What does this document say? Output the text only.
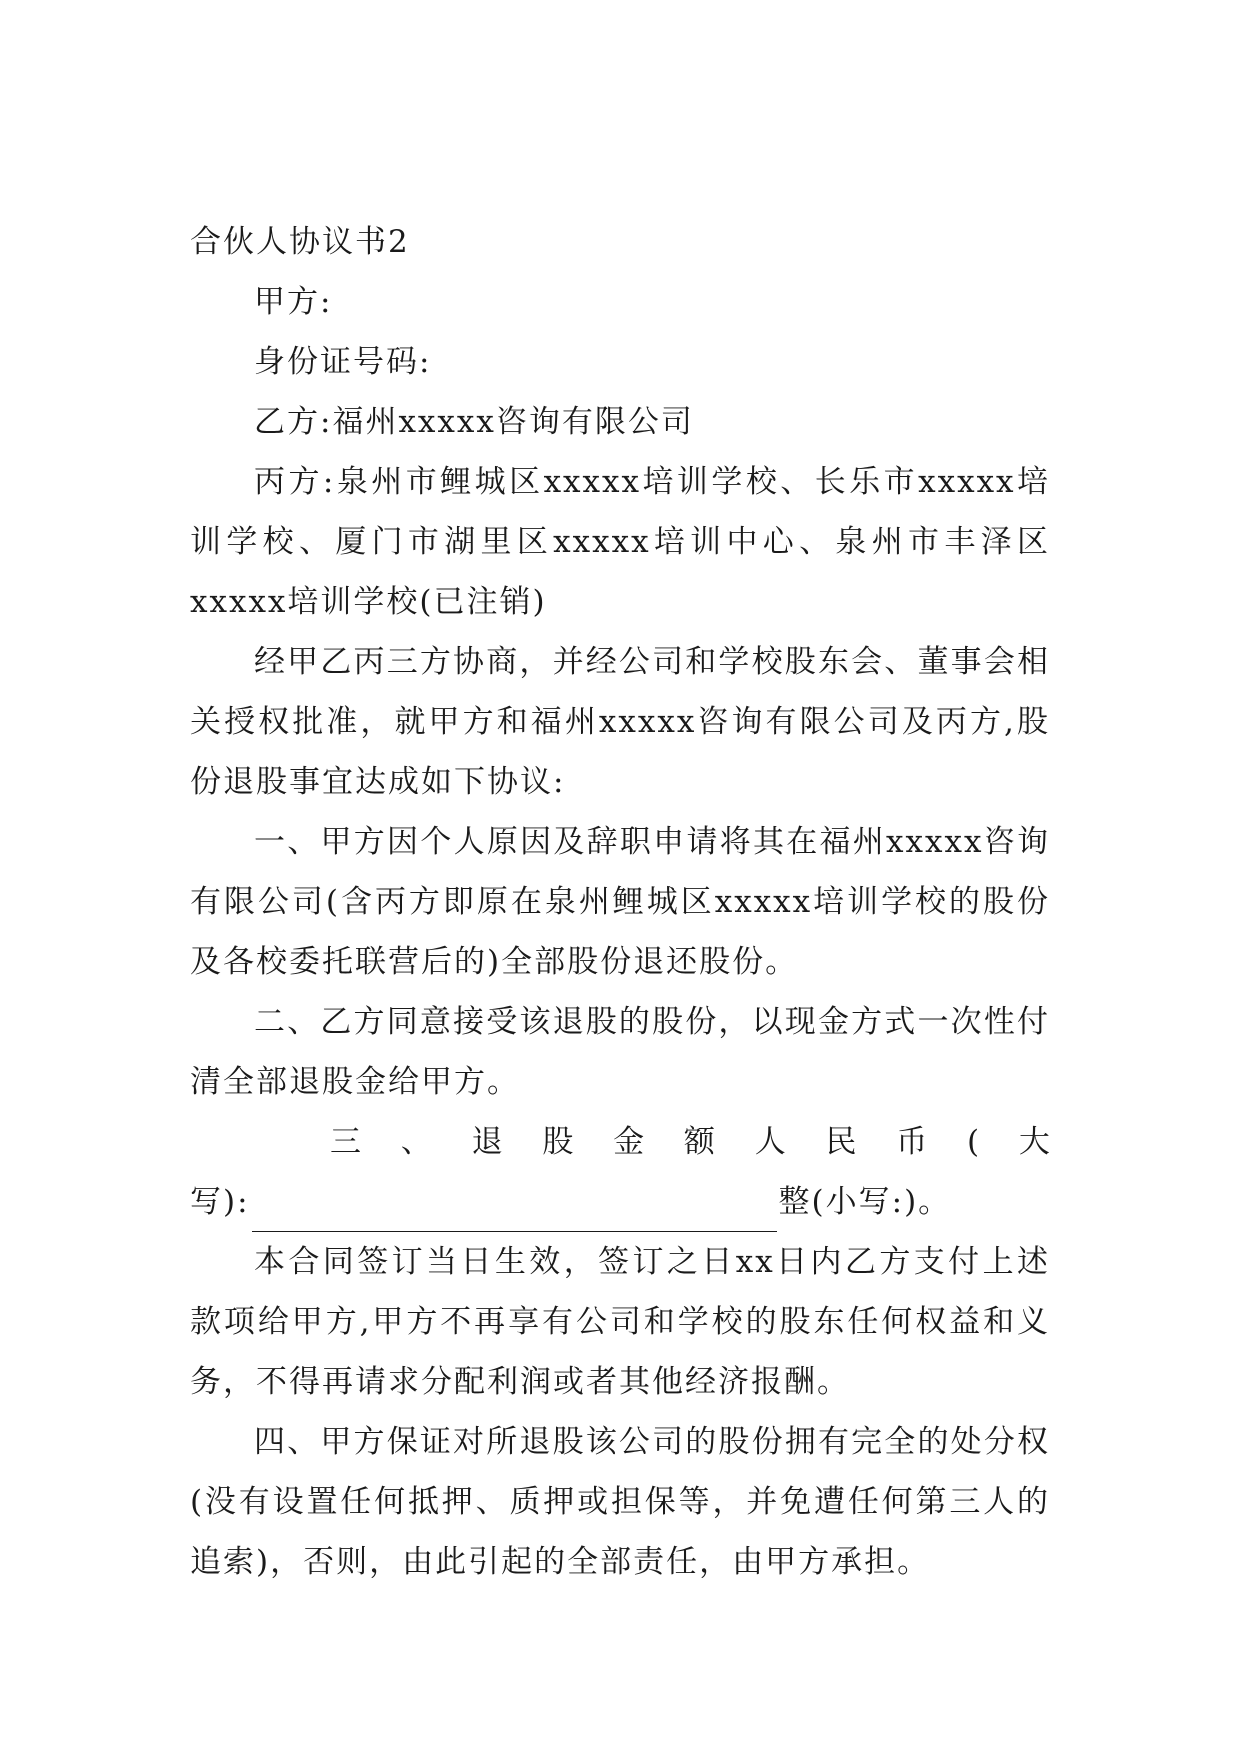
合伙人协议书2

甲方:

身份证号码:

乙方:福州xxxxx咨询有限公司

丙方:泉州市鲤城区xxxxx培训学校、长乐市xxxxx培训学校、厦门市湖里区xxxxx培训中心、泉州市丰泽区xxxxx培训学校(已注销)

经甲乙丙三方协商，并经公司和学校股东会、董事会相关授权批准，就甲方和福州xxxxx咨询有限公司及丙方,股份退股事宜达成如下协议:

一、甲方因个人原因及辞职申请将其在福州xxxxx咨询有限公司(含丙方即原在泉州鲤城区xxxxx培训学校的股份及各校委托联营后的)全部股份退还股份。

二、乙方同意接受该退股的股份，以现金方式一次性付清全部退股金给甲方。

三 、 退 股 金 额 人 民 币 ( 大

写):	整(小写:)。

本合同签订当日生效，签订之日xx日内乙方支付上述款项给甲方,甲方不再享有公司和学校的股东任何权益和义务，不得再请求分配利润或者其他经济报酬。

四、甲方保证对所退股该公司的股份拥有完全的处分权(没有设置任何抵押、质押或担保等，并免遭任何第三人的追索)，否则，由此引起的全部责任，由甲方承担。
